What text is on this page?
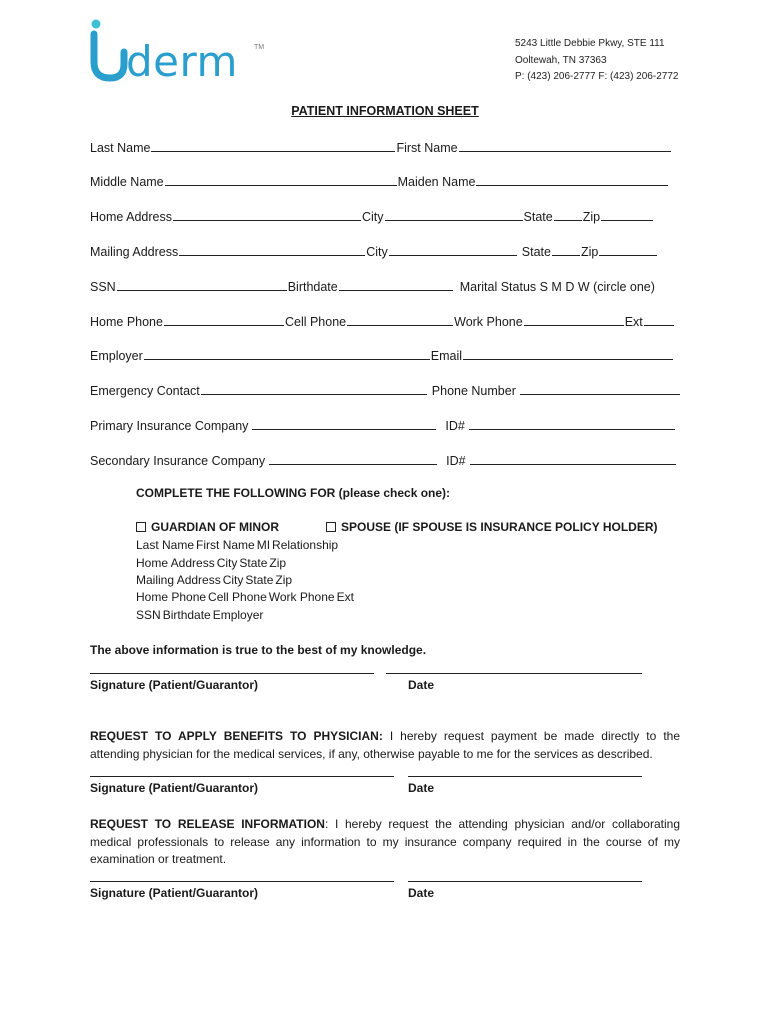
derm TM	5243 Little Debbie Pkwy, STE 111
Ooltewah, TN 37363
P: (423) 206-2777 F: (423) 206-2772
PATIENT INFORMATION SHEET
Last Name	First Name
Middle Name	Maiden Name
Home Address	City	State Zip
Mailing Address	City	State Zip
SSN	Birthdate	Marital Status S M D W (circle one)
Home Phone	Cell Phone	Work Phone	Ext
Employer	Email
Emergency Contact	Phone Number
Primary Insurance Company	ID#
Secondary Insurance Company	ID#
COMPLETE THE FOLLOWING FOR (please check one):
GUARDIAN OF MINOR	SPOUSE (IF SPOUSE IS INSURANCE POLICY HOLDER)
Last Name First Name MI Relationship
Home Address City State Zip
Mailing Address City State Zip
Home Phone Cell Phone Work Phone Ext
SSN Birthdate Employer
The above information is true to the best of my knowledge.
Signature (Patient/Guarantor)	Date
REQUEST TO APPLY BENEFITS TO PHYSICIAN: I hereby request payment be made directly to the attending physician for the medical services, if any, otherwise payable to me for the services as described.
Signature (Patient/Guarantor)	Date
REQUEST TO RELEASE INFORMATION: I hereby request the attending physician and/or collaborating medical professionals to release any information to my insurance company required in the course of my examination or treatment.
Signature (Patient/Guarantor)	Date
